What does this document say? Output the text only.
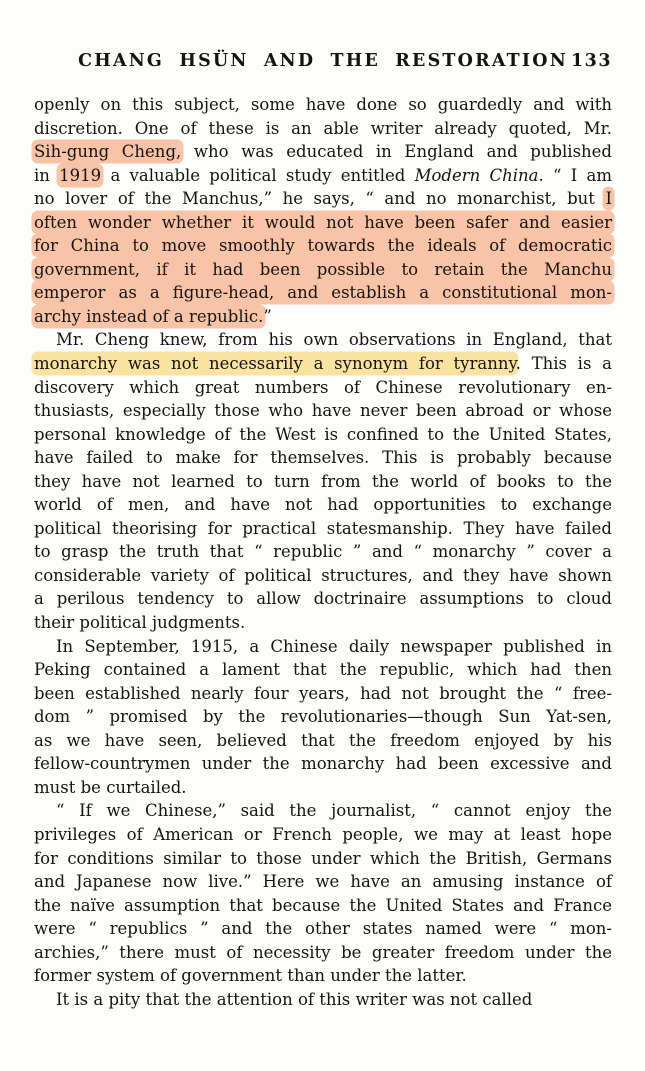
CHANG HSÜN AND THE RESTORATION 133
openly on this subject, some have done so guardedly and with
discretion. One of these is an able writer already quoted, Mr.
Sih-gung Cheng, who was educated in England and published
in 1919 a valuable political study entitled Modern China. “ I am
no lover of the Manchus,” he says, “ and no monarchist, but I
often wonder whether it would not have been safer and easier
for China to move smoothly towards the ideals of democratic
government, if it had been possible to retain the Manchu
emperor as a figure-head, and establish a constitutional mon-
archy instead of a republic.”
Mr. Cheng knew, from his own observations in England, that
monarchy was not necessarily a synonym for tyranny. This is a
discovery which great numbers of Chinese revolutionary en-
thusiasts, especially those who have never been abroad or whose
personal knowledge of the West is confined to the United States,
have failed to make for themselves. This is probably because
they have not learned to turn from the world of books to the
world of men, and have not had opportunities to exchange
political theorising for practical statesmanship. They have failed
to grasp the truth that “ republic ” and “ monarchy ” cover a
considerable variety of political structures, and they have shown
a perilous tendency to allow doctrinaire assumptions to cloud
their political judgments.
In September, 1915, a Chinese daily newspaper published in
Peking contained a lament that the republic, which had then
been established nearly four years, had not brought the “ free-
dom ” promised by the revolutionaries—though Sun Yat-sen,
as we have seen, believed that the freedom enjoyed by his
fellow-countrymen under the monarchy had been excessive and
must be curtailed.
“ If we Chinese,” said the journalist, “ cannot enjoy the
privileges of American or French people, we may at least hope
for conditions similar to those under which the British, Germans
and Japanese now live.” Here we have an amusing instance of
the naïve assumption that because the United States and France
were “ republics ” and the other states named were “ mon-
archies,” there must of necessity be greater freedom under the
former system of government than under the latter.
It is a pity that the attention of this writer was not called
